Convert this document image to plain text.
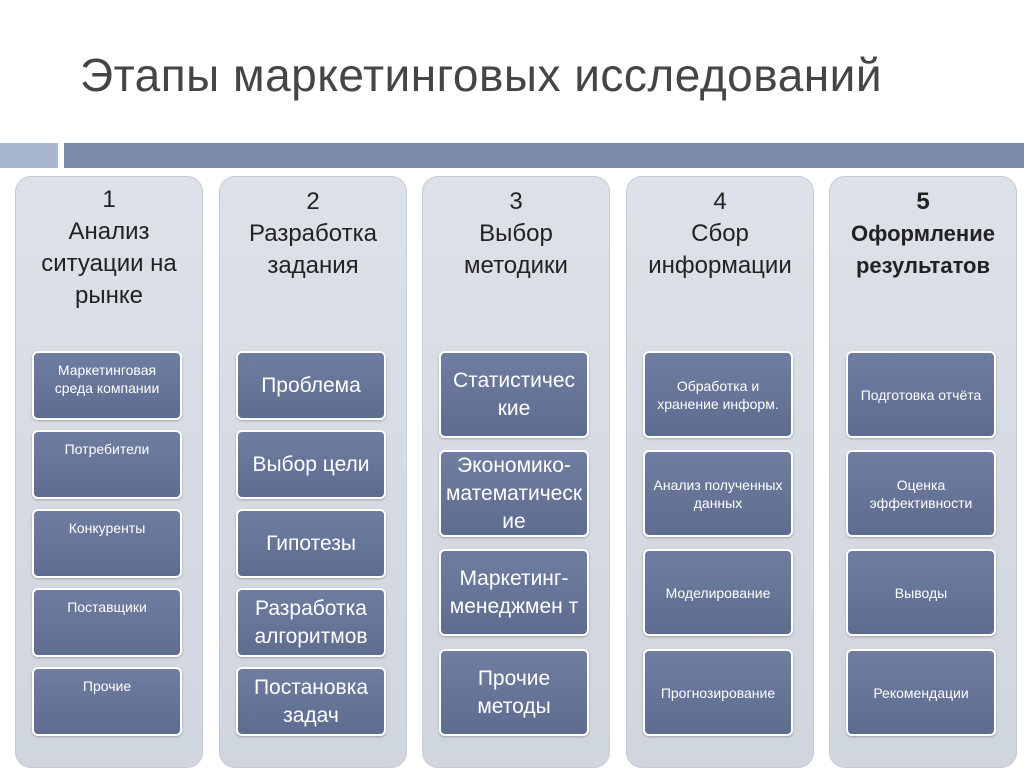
Этапы маркетинговых исследований
1
Анализ ситуации на рынке
Маркетинговая среда компании
Потребители
Конкуренты
Поставщики
Прочие
2
Разработка задания
Проблема
Выбор цели
Гипотезы
Разработка алгоритмов
Постановка задач
3
Выбор методики
Статистичес кие
Экономико-математическ ие
Маркетинг-менеджмен т
Прочие методы
4
Сбор информации
Обработка и хранение информ.
Анализ полученных данных
Моделирование
Прогнозирование
5
Оформление результатов
Подготовка отчёта
Оценка эффективности
Выводы
Рекомендации
